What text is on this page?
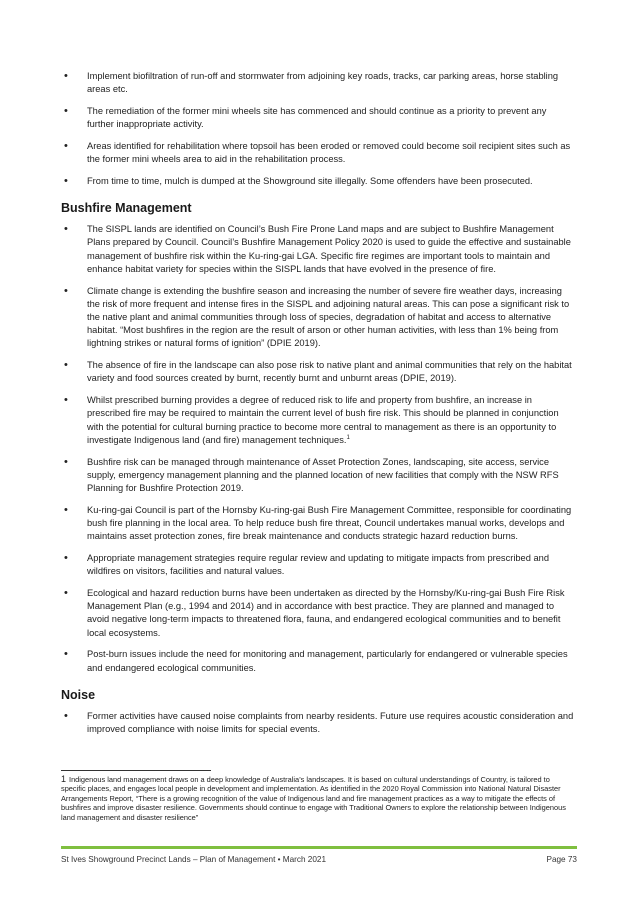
• Implement biofiltration of run-off and stormwater from adjoining key roads, tracks, car parking areas, horse stabling areas etc.
• The remediation of the former mini wheels site has commenced and should continue as a priority to prevent any further inappropriate activity.
• Areas identified for rehabilitation where topsoil has been eroded or removed could become soil recipient sites such as the former mini wheels area to aid in the rehabilitation process.
• From time to time, mulch is dumped at the Showground site illegally. Some offenders have been prosecuted.
Bushfire Management
• The SISPL lands are identified on Council’s Bush Fire Prone Land maps and are subject to Bushfire Management Plans prepared by Council. Council’s Bushfire Management Policy 2020 is used to guide the effective and sustainable management of bushfire risk within the Ku-ring-gai LGA. Specific fire regimes are important tools to maintain and enhance habitat variety for species within the SISPL lands that have evolved in the presence of fire.
• Climate change is extending the bushfire season and increasing the number of severe fire weather days, increasing the risk of more frequent and intense fires in the SISPL and adjoining natural areas. This can pose a significant risk to the native plant and animal communities through loss of species, degradation of habitat and access to alternative habitat. “Most bushfires in the region are the result of arson or other human activities, with less than 1% being from lightning strikes or natural forms of ignition” (DPIE 2019).
• The absence of fire in the landscape can also pose risk to native plant and animal communities that rely on the habitat variety and food sources created by burnt, recently burnt and unburnt areas (DPIE, 2019).
• Whilst prescribed burning provides a degree of reduced risk to life and property from bushfire, an increase in prescribed fire may be required to maintain the current level of bush fire risk. This should be planned in conjunction with the potential for cultural burning practice to become more central to management as there is an opportunity to investigate Indigenous land (and fire) management techniques.$^1$
• Bushfire risk can be managed through maintenance of Asset Protection Zones, landscaping, site access, service supply, emergency management planning and the planned location of new facilities that comply with the NSW RFS Planning for Bushfire Protection 2019.
• Ku-ring-gai Council is part of the Hornsby Ku-ring-gai Bush Fire Management Committee, responsible for coordinating bush fire planning in the local area. To help reduce bush fire threat, Council undertakes manual works, develops and maintains asset protection zones, fire break maintenance and conducts strategic hazard reduction burns.
• Appropriate management strategies require regular review and updating to mitigate impacts from prescribed and wildfires on visitors, facilities and natural values.
• Ecological and hazard reduction burns have been undertaken as directed by the Hornsby/Ku-ring-gai Bush Fire Risk Management Plan (e.g., 1994 and 2014) and in accordance with best practice. They are planned and managed to avoid negative long-term impacts to threatened flora, fauna, and endangered ecological communities and to benefit local ecosystems.
• Post-burn issues include the need for monitoring and management, particularly for endangered or vulnerable species and endangered ecological communities.
Noise
• Former activities have caused noise complaints from nearby residents. Future use requires acoustic consideration and improved compliance with noise limits for special events.
1 Indigenous land management draws on a deep knowledge of Australia’s landscapes. It is based on cultural understandings of Country, is tailored to specific places, and engages local people in development and implementation. As identified in the 2020 Royal Commission into National Natural Disaster Arrangements Report, “There is a growing recognition of the value of Indigenous land and fire management practices as a way to mitigate the effects of bushfires and improve disaster resilience. Governments should continue to engage with Traditional Owners to explore the relationship between Indigenous land management and disaster resilience”
St Ives Showground Precinct Lands – Plan of Management • March 2021	Page 73
